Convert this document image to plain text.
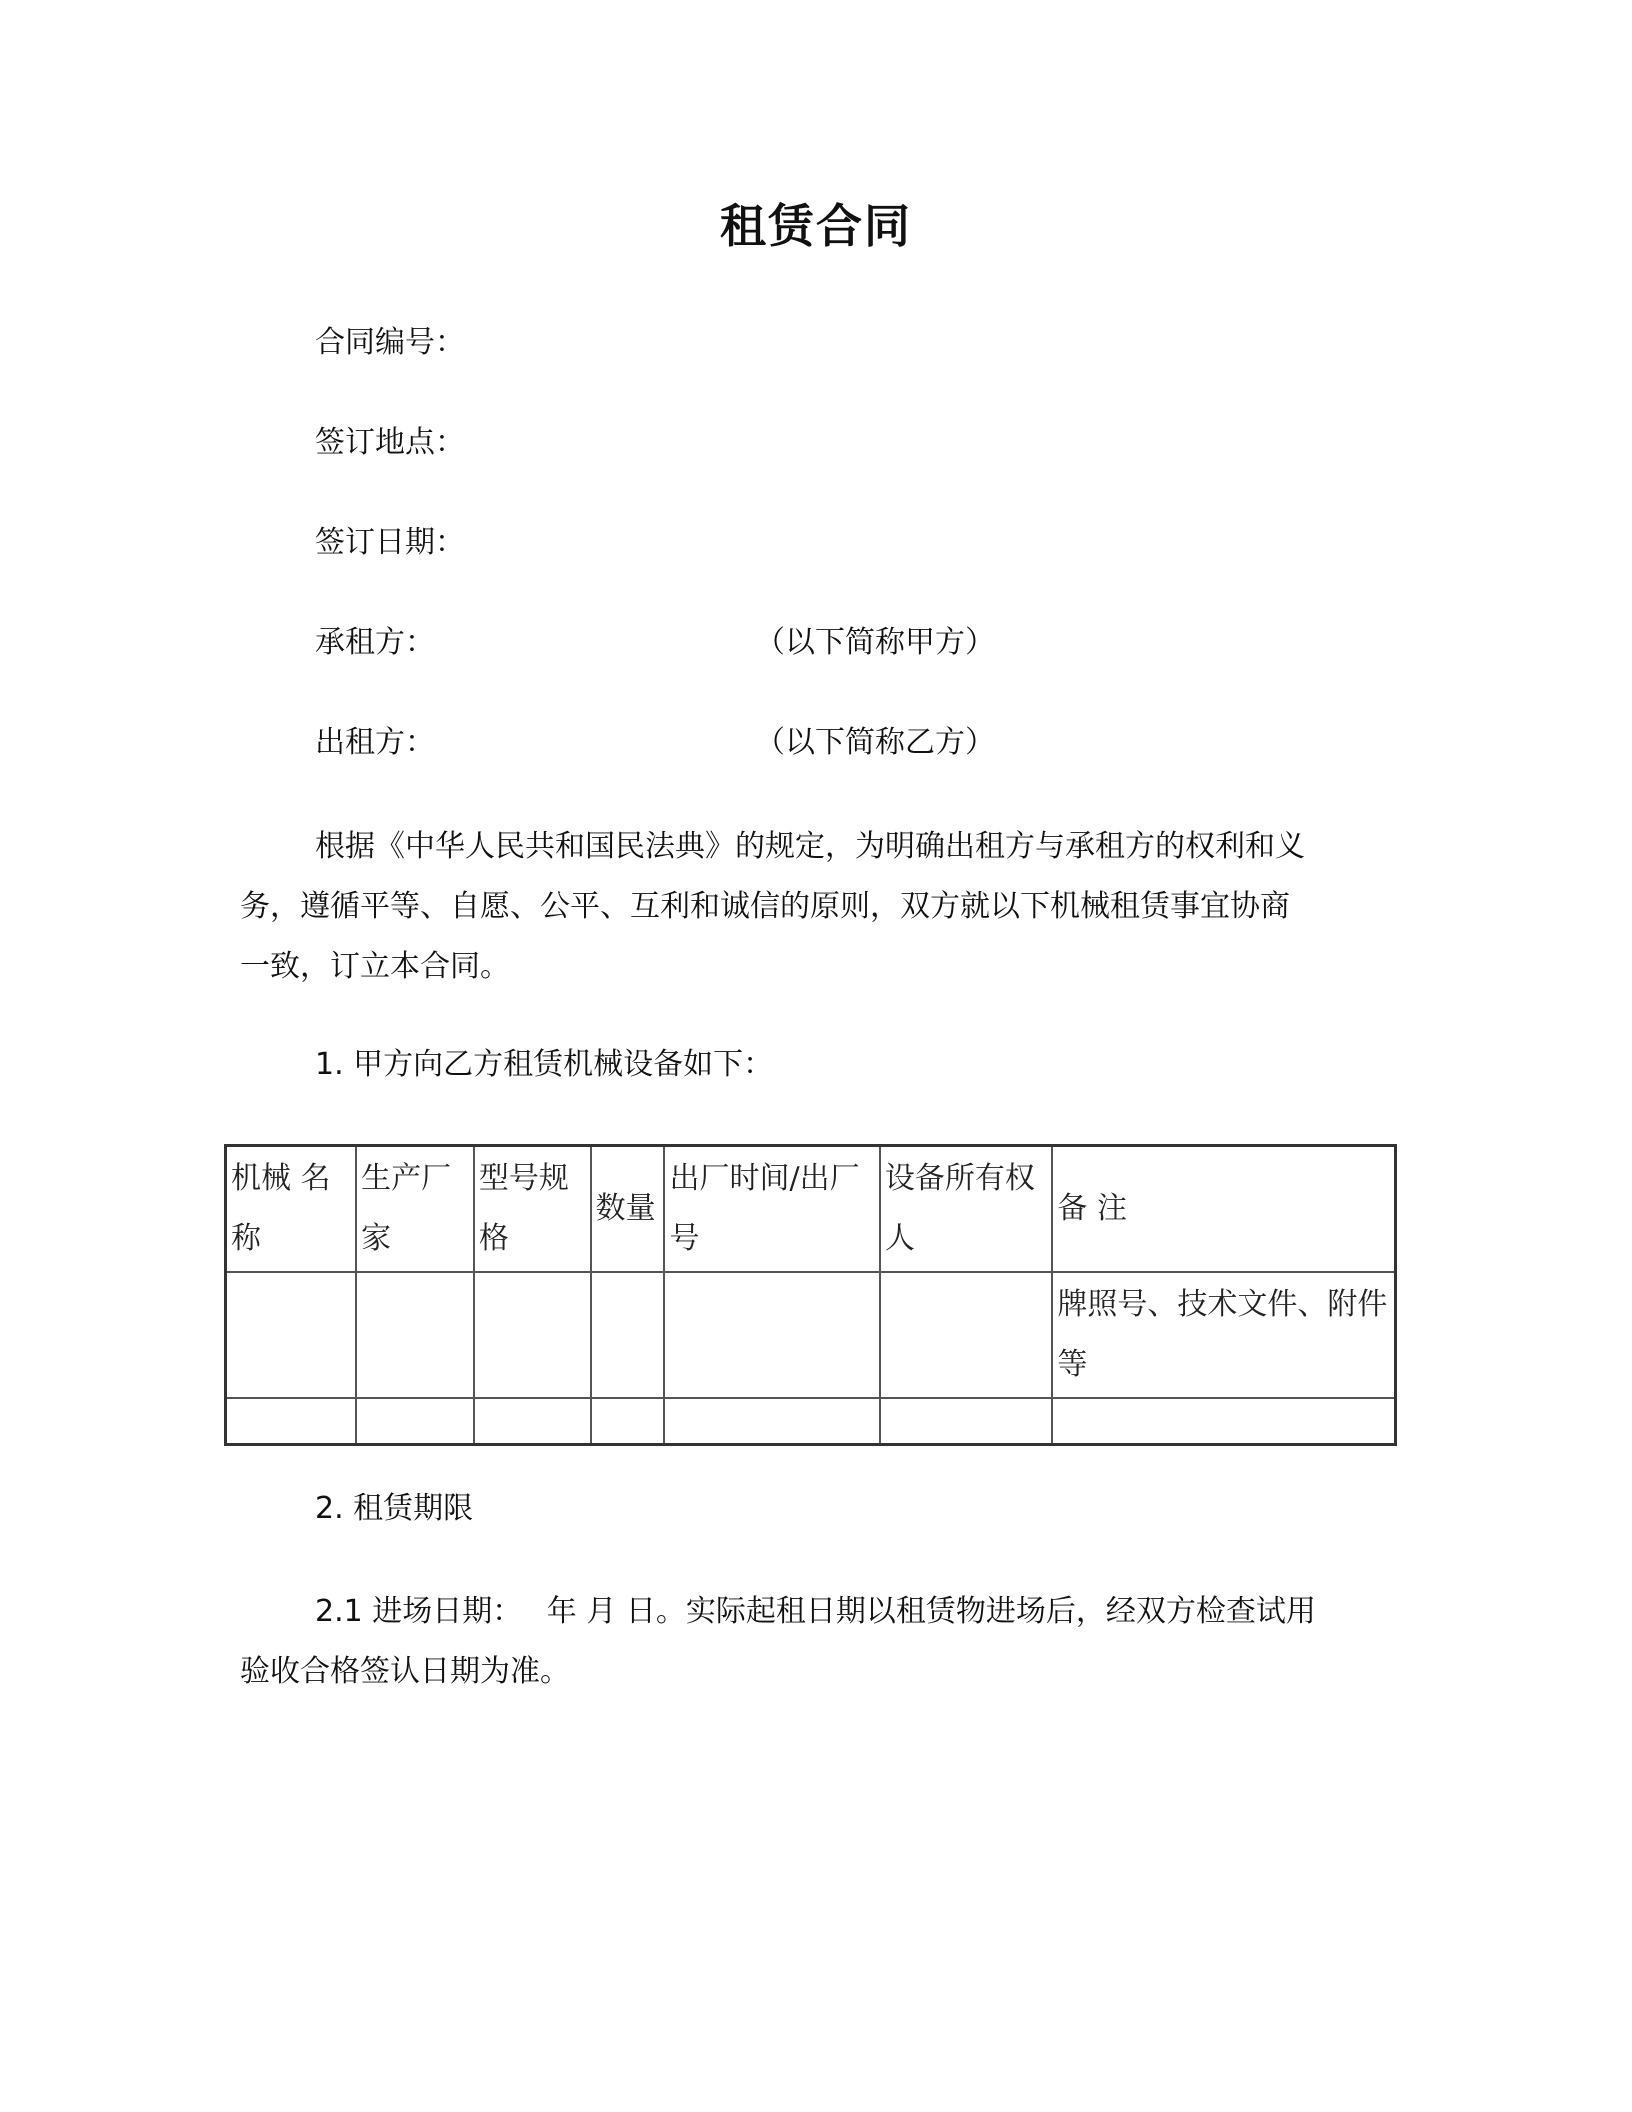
租赁合同
合同编号：
签订地点：
签订日期：
承租方：	（以下简称甲方）
出租方：	（以下简称乙方）
根据《中华人民共和国民法典》的规定，为明确出租方与承租方的权利和义
务，遵循平等、自愿、公平、互利和诚信的原则，双方就以下机械租赁事宜协商
一致，订立本合同。
1. 甲方向乙方租赁机械设备如下：
机械 名称	生产厂家	型号规格	数量	出厂时间/出厂号	设备所有权人	备 注
						牌照号、技术文件、附件等

2. 租赁期限
2.1 进场日期：　 年 月 日。实际起租日期以租赁物进场后，经双方检查试用
验收合格签认日期为准。
